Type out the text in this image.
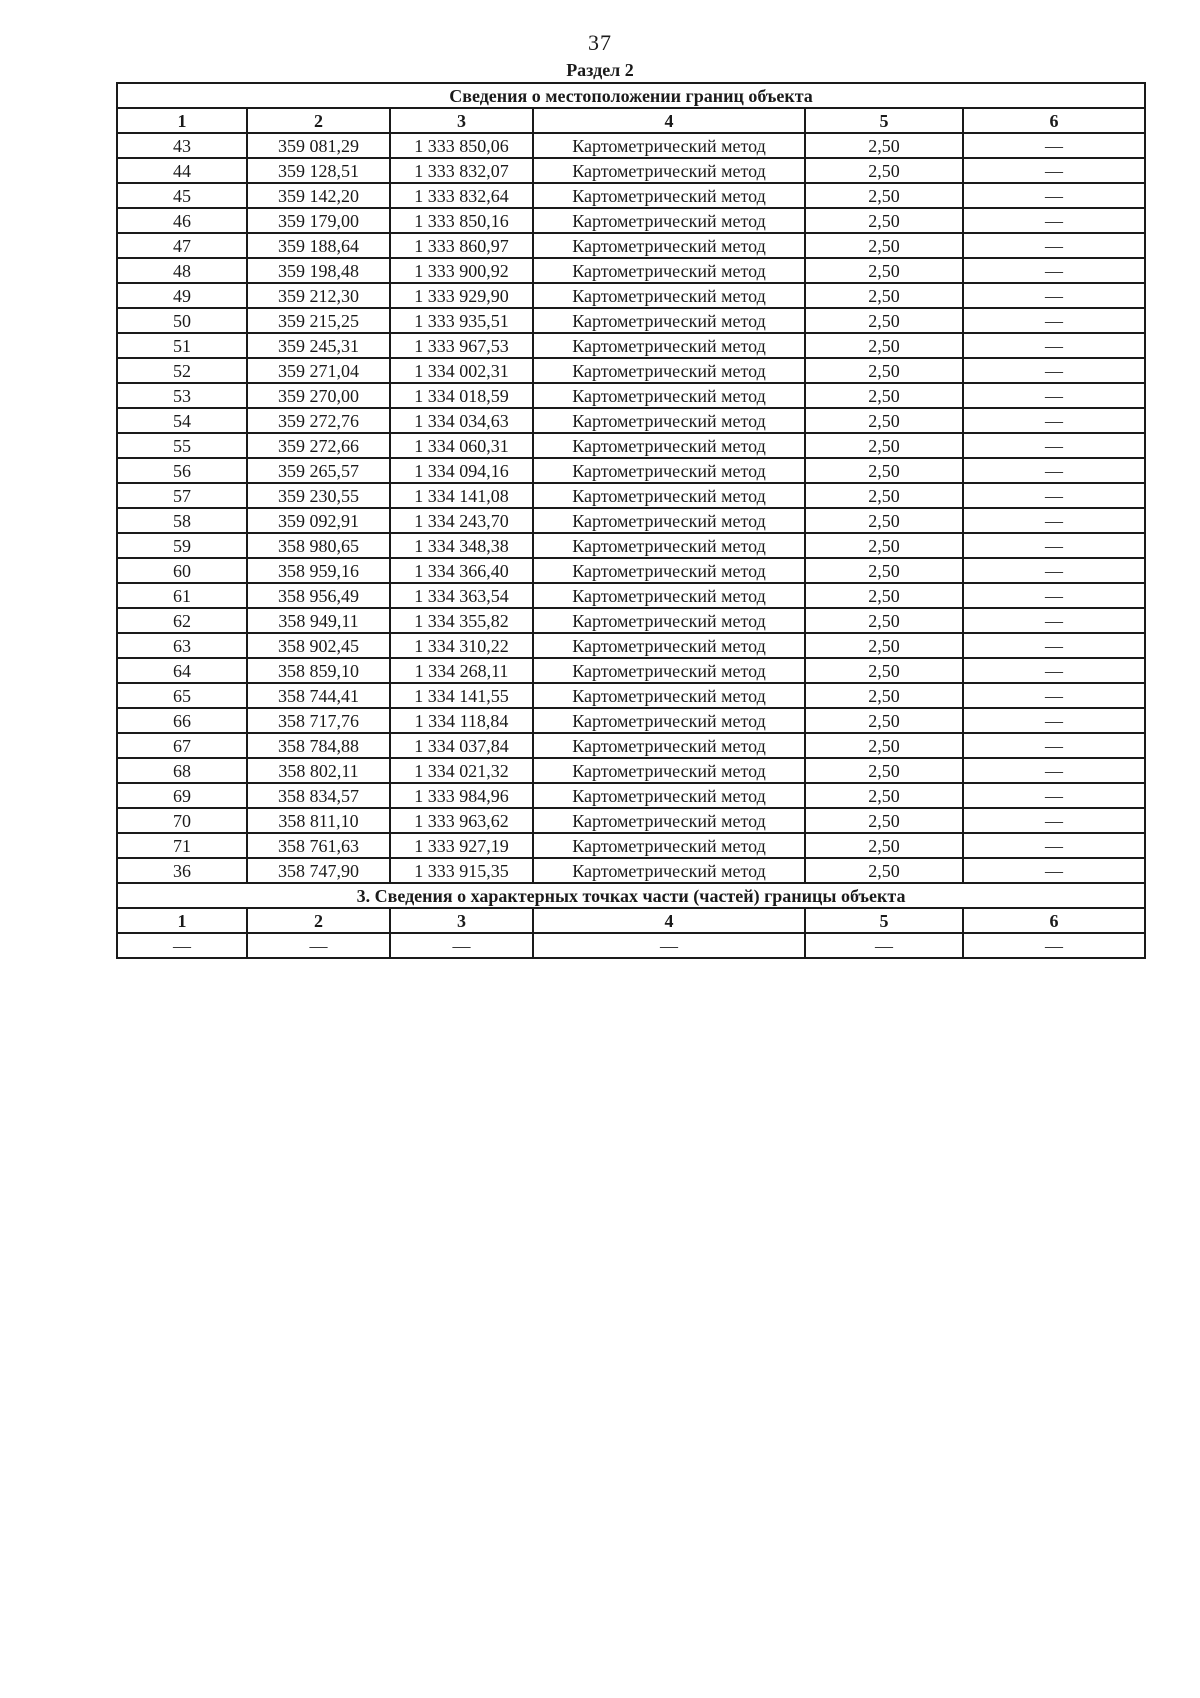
37
Раздел 2
Сведения о местоположении границ объекта					
1	2	3	4	5	6
43	359 081,29	1 333 850,06	Картометрический метод	2,50	—
44	359 128,51	1 333 832,07	Картометрический метод	2,50	—
45	359 142,20	1 333 832,64	Картометрический метод	2,50	—
46	359 179,00	1 333 850,16	Картометрический метод	2,50	—
47	359 188,64	1 333 860,97	Картометрический метод	2,50	—
48	359 198,48	1 333 900,92	Картометрический метод	2,50	—
49	359 212,30	1 333 929,90	Картометрический метод	2,50	—
50	359 215,25	1 333 935,51	Картометрический метод	2,50	—
51	359 245,31	1 333 967,53	Картометрический метод	2,50	—
52	359 271,04	1 334 002,31	Картометрический метод	2,50	—
53	359 270,00	1 334 018,59	Картометрический метод	2,50	—
54	359 272,76	1 334 034,63	Картометрический метод	2,50	—
55	359 272,66	1 334 060,31	Картометрический метод	2,50	—
56	359 265,57	1 334 094,16	Картометрический метод	2,50	—
57	359 230,55	1 334 141,08	Картометрический метод	2,50	—
58	359 092,91	1 334 243,70	Картометрический метод	2,50	—
59	358 980,65	1 334 348,38	Картометрический метод	2,50	—
60	358 959,16	1 334 366,40	Картометрический метод	2,50	—
61	358 956,49	1 334 363,54	Картометрический метод	2,50	—
62	358 949,11	1 334 355,82	Картометрический метод	2,50	—
63	358 902,45	1 334 310,22	Картометрический метод	2,50	—
64	358 859,10	1 334 268,11	Картометрический метод	2,50	—
65	358 744,41	1 334 141,55	Картометрический метод	2,50	—
66	358 717,76	1 334 118,84	Картометрический метод	2,50	—
67	358 784,88	1 334 037,84	Картометрический метод	2,50	—
68	358 802,11	1 334 021,32	Картометрический метод	2,50	—
69	358 834,57	1 333 984,96	Картометрический метод	2,50	—
70	358 811,10	1 333 963,62	Картометрический метод	2,50	—
71	358 761,63	1 333 927,19	Картометрический метод	2,50	—
36	358 747,90	1 333 915,35	Картометрический метод	2,50	—
3. Сведения о характерных точках части (частей) границы объекта					
1	2	3	4	5	6
—	—	—	—	—	—
